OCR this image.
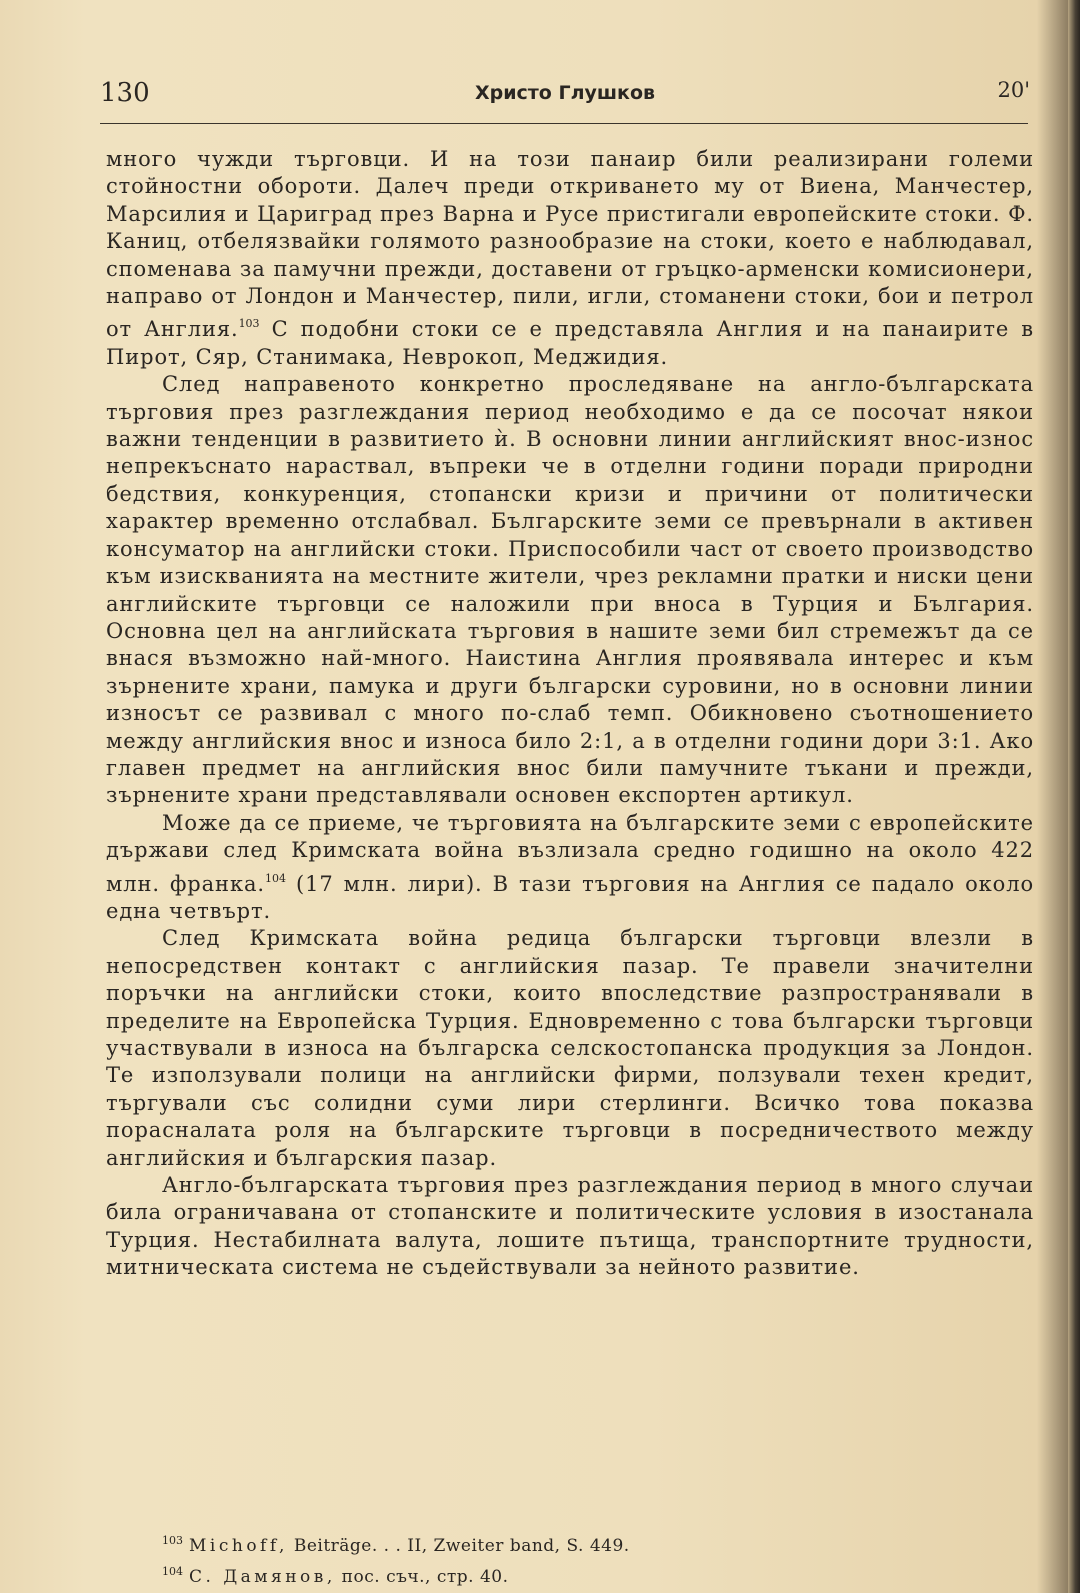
130	Христо Глушков	20'

много чужди търговци. И на този панаир били реализирани големи стойностни обороти. Далеч преди откриването му от Виена, Манчестер, Марсилия и Цариград през Варна и Русе пристигали европейските стоки. Ф. Каниц, отбелязвайки голямото разнообразие на стоки, което е наблюдавал, споменава за памучни прежди, доставени от гръцко-арменски комисионери, направо от Лондон и Манчестер, пили, игли, стоманени стоки, бои и петрол от Англия.$^{103}$ С подобни стоки се е представяла Англия и на панаирите в Пирот, Сяр, Станимака, Неврокоп, Меджидия.

След направеното конкретно проследяване на англо-българската търговия през разглеждания период необходимо е да се посочат някои важни тенденции в развитието ѝ. В основни линии английският внос-износ непрекъснато нараствал, въпреки че в отделни години поради природни бедствия, конкуренция, стопански кризи и причини от политически характер временно отслабвал. Българските земи се превърнали в активен консуматор на английски стоки. Приспособили част от своето производство към изискванията на местните жители, чрез рекламни пратки и ниски цени английските търговци се наложили при вноса в Турция и България. Основна цел на английската търговия в нашите земи бил стремежът да се внася възможно най-много. Наистина Англия проявявала интерес и към зърнените храни, памука и други български суровини, но в основни линии износът се развивал с много по-слаб темп. Обикновено съотношението между английския внос и износа било 2:1, а в отделни години дори 3:1. Ако главен предмет на английския внос били памучните тъкани и прежди, зърнените храни представлявали основен експортен артикул.

Може да се приеме, че търговията на българските земи с европейските държави след Кримската война възлизала средно годишно на около 422 млн. франка.$^{104}$ (17 млн. лири). В тази търговия на Англия се падало около една четвърт.

След Кримската война редица български търговци влезли в непосредствен контакт с английския пазар. Те правели значителни поръчки на английски стоки, които впоследствие разпространявали в пределите на Европейска Турция. Едновременно с това български търговци участвували в износа на българска селскостопанска продукция за Лондон. Те използували полици на английски фирми, ползували техен кредит, търгували със солидни суми лири стерлинги. Всичко това показва порасналата роля на българските търговци в посредничеството между английския и българския пазар.

Англо-българската търговия през разглеждания период в много случаи била ограничавана от стопанските и политическите условия в изостанала Турция. Нестабилната валута, лошите пътища, транспортните трудности, митническата система не съдействували за нейното развитие.

$^{103}$ Michoff, Beiträge. . . II, Zweiter band, S. 449.
$^{104}$ С. Дамянов, пос. съч., стр. 40.
